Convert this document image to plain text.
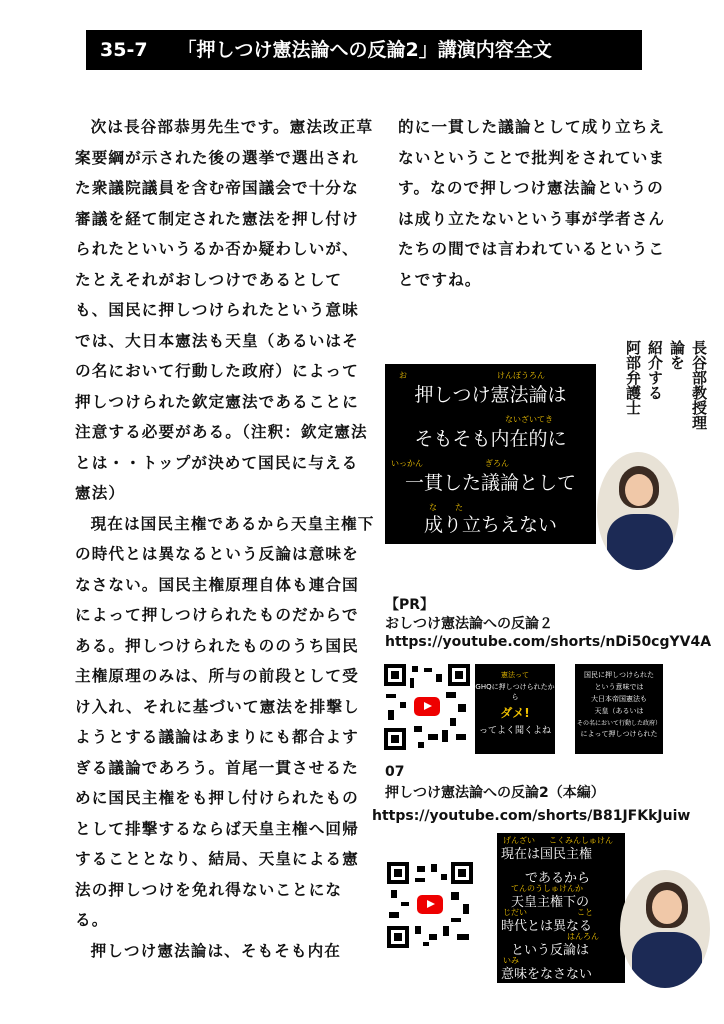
35-7 「押しつけ憲法論への反論2」講演内容全文

次は長谷部恭男先生です。憲法改正草案要綱が示された後の選挙で選出された衆議院議員を含む帝国議会で十分な審議を経て制定された憲法を押し付けられたといいうるか否か疑わしいが、たとえそれがおしつけであるとしても、国民に押しつけられたという意味では、大日本憲法も天皇（あるいはその名において行動した政府）によって押しつけられた欽定憲法であることに注意する必要がある。（注釈：欽定憲法とは・・トップが決めて国民に与える憲法）

現在は国民主権であるから天皇主権下の時代とは異なるという反論は意味をなさない。国民主権原理自体も連合国によって押しつけられたものだからである。押しつけられたもののうち国民主権原理のみは、所与の前段として受け入れ、それに基づいて憲法を排撃しようとする議論はあまりにも都合よすぎる議論であろう。首尾一貫させるために国民主権をも押し付けられたものとして排撃するならば天皇主権へ回帰することとなり、結局、天皇による憲法の押しつけを免れ得ないことになる。

押しつけ憲法論は、そもそも内在

的に一貫した議論として成り立ちえないということで批判をされています。なので押しつけ憲法論というのは成り立たないという事が学者さんたちの間では言われているということですね。

お	けんぽうろん
押しつけ憲法論は
ないざいてき
そもそも内在的に
いっかん	ぎろん
一貫した議論として
な た
成り立ちえない
長谷部教授理論を
紹介する
阿部弁護士
【PR】
おしつけ憲法論への反論２
https://youtube.com/shorts/nDi50cgYV4A
憲法って
GHQに押しつけられたから
ダメ!
ってよく聞くよね
国民に押しつけられた
という意味では
大日本帝国憲法も
天皇（あるいは
その名において行動した政府）
によって押しつけられた
07
押しつけ憲法論への反論2（本編）
https://youtube.com/shorts/B81JFKkJuiw
げんざい こくみんしゅけん
現在は国民主権
であるから
てんのうしゅけんか
天皇主権下の
じだい	こと
時代とは異なる
はんろん
という反論は
いみ
意味をなさない
